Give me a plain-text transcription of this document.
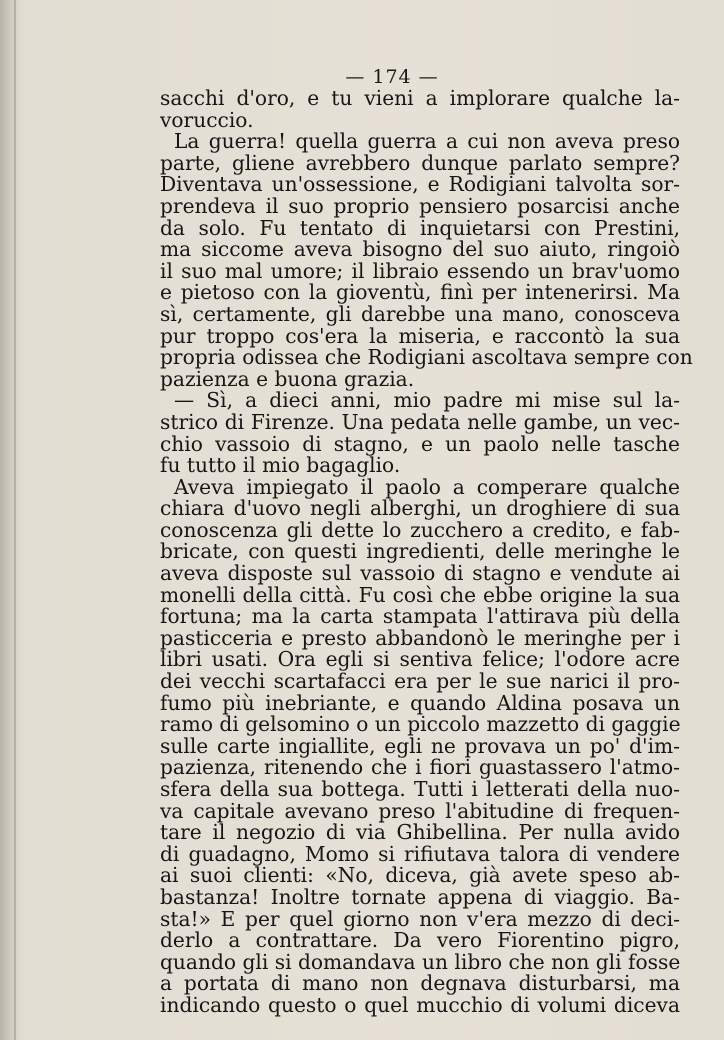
— 174 —
sacchi d'oro, e tu vieni a implorare qualche la-
voruccio.
La guerra! quella guerra a cui non aveva preso
parte, gliene avrebbero dunque parlato sempre?
Diventava un'ossessione, e Rodigiani talvolta sor-
prendeva il suo proprio pensiero posarcisi anche
da solo. Fu tentato di inquietarsi con Prestini,
ma siccome aveva bisogno del suo aiuto, ringoiò
il suo mal umore; il libraio essendo un brav'uomo
e pietoso con la gioventù, finì per intenerirsi. Ma
sì, certamente, gli darebbe una mano, conosceva
pur troppo cos'era la miseria, e raccontò la sua
propria odissea che Rodigiani ascoltava sempre con
pazienza e buona grazia.
— Sì, a dieci anni, mio padre mi mise sul la-
strico di Firenze. Una pedata nelle gambe, un vec-
chio vassoio di stagno, e un paolo nelle tasche
fu tutto il mio bagaglio.
Aveva impiegato il paolo a comperare qualche
chiara d'uovo negli alberghi, un droghiere di sua
conoscenza gli dette lo zucchero a credito, e fab-
bricate, con questi ingredienti, delle meringhe le
aveva disposte sul vassoio di stagno e vendute ai
monelli della città. Fu così che ebbe origine la sua
fortuna; ma la carta stampata l'attirava più della
pasticceria e presto abbandonò le meringhe per i
libri usati. Ora egli si sentiva felice; l'odore acre
dei vecchi scartafacci era per le sue narici il pro-
fumo più inebriante, e quando Aldina posava un
ramo di gelsomino o un piccolo mazzetto di gaggie
sulle carte ingiallite, egli ne provava un po' d'im-
pazienza, ritenendo che i fiori guastassero l'atmo-
sfera della sua bottega. Tutti i letterati della nuo-
va capitale avevano preso l'abitudine di frequen-
tare il negozio di via Ghibellina. Per nulla avido
di guadagno, Momo si rifiutava talora di vendere
ai suoi clienti: «No, diceva, già avete speso ab-
bastanza! Inoltre tornate appena di viaggio. Ba-
sta!» E per quel giorno non v'era mezzo di deci-
derlo a contrattare. Da vero Fiorentino pigro,
quando gli si domandava un libro che non gli fosse
a portata di mano non degnava disturbarsi, ma
indicando questo o quel mucchio di volumi diceva
